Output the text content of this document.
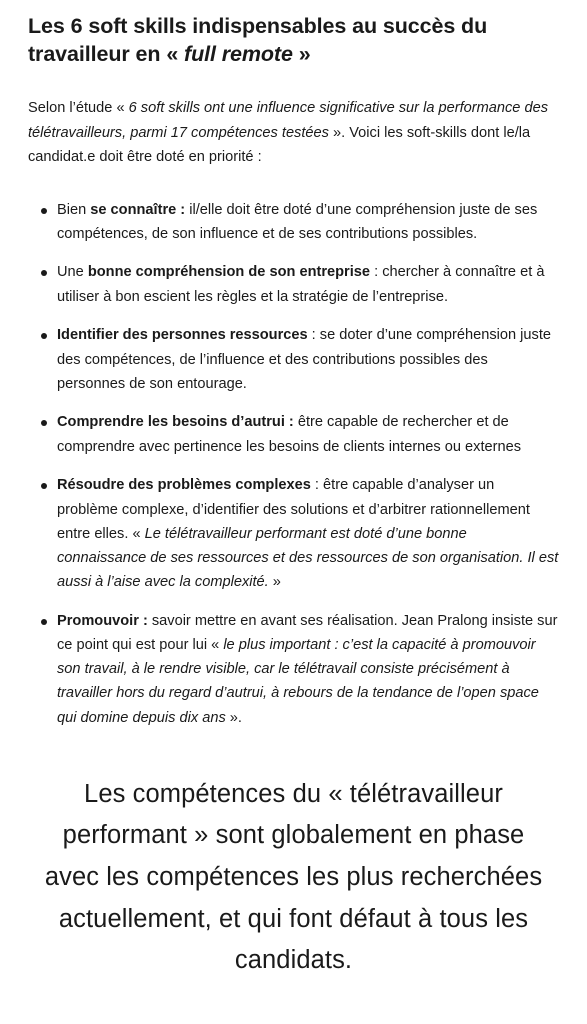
Les 6 soft skills indispensables au succès du travailleur en « full remote »

Selon l’étude « 6 soft skills ont une influence significative sur la performance des télétravailleurs, parmi 17 compétences testées ». Voici les soft-skills dont le/la candidat.e doit être doté en priorité :

Bien se connaître : il/elle doit être doté d’une compréhension juste de ses compétences, de son influence et de ses contributions possibles.
Une bonne compréhension de son entreprise : chercher à connaître et à utiliser à bon escient les règles et la stratégie de l’entreprise.
Identifier des personnes ressources : se doter d’une compréhension juste des compétences, de l’influence et des contributions possibles des personnes de son entourage.
Comprendre les besoins d’autrui : être capable de rechercher et de comprendre avec pertinence les besoins de clients internes ou externes
Résoudre des problèmes complexes : être capable d’analyser un problème complexe, d’identifier des solutions et d’arbitrer rationnellement entre elles. « Le télétravailleur performant est doté d’une bonne connaissance de ses ressources et des ressources de son organisation. Il est aussi à l’aise avec la complexité. »
Promouvoir : savoir mettre en avant ses réalisation. Jean Pralong insiste sur ce point qui est pour lui « le plus important : c’est la capacité à promouvoir son travail, à le rendre visible, car le télétravail consiste précisément à travailler hors du regard d’autrui, à rebours de la tendance de l’open space qui domine depuis dix ans ».

Les compétences du « télétravailleur performant » sont globalement en phase avec les compétences les plus recherchées actuellement, et qui font défaut à tous les candidats.
